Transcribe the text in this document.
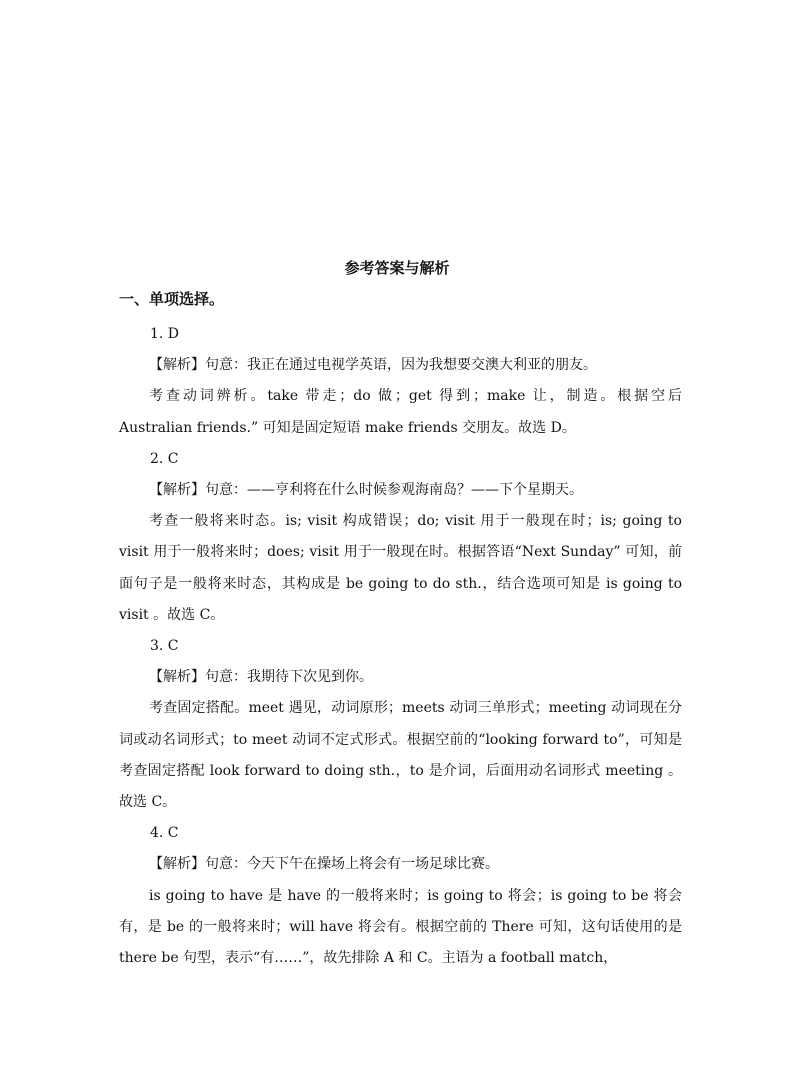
参考答案与解析
一、单项选择。

1. D

【解析】句意：我正在通过电视学英语，因为我想要交澳大利亚的朋友。

考查动词辨析。take 带走；do 做；get 得到；make 让，制造。根据空后Australian friends.” 可知是固定短语 make friends 交朋友。故选 D。

2. C

【解析】句意：——亨利将在什么时候参观海南岛？——下个星期天。

考查一般将来时态。is; visit 构成错误；do; visit 用于一般现在时；is; going to visit 用于一般将来时；does; visit 用于一般现在时。根据答语“Next Sunday” 可知，前面句子是一般将来时态，其构成是 be going to do sth.，结合选项可知是 is going to visit 。故选 C。

3. C

【解析】句意：我期待下次见到你。

考查固定搭配。meet 遇见，动词原形；meets 动词三单形式；meeting 动词现在分词或动名词形式；to meet 动词不定式形式。根据空前的“looking forward to”，可知是考查固定搭配 look forward to doing sth.，to 是介词，后面用动名词形式 meeting 。故选 C。

4. C

【解析】句意：今天下午在操场上将会有一场足球比赛。

is going to have 是 have 的一般将来时；is going to 将会；is going to be 将会有，是 be 的一般将来时；will have 将会有。根据空前的 There 可知，这句话使用的是 there be 句型，表示“有……”，故先排除 A 和 C。主语为 a football match，
